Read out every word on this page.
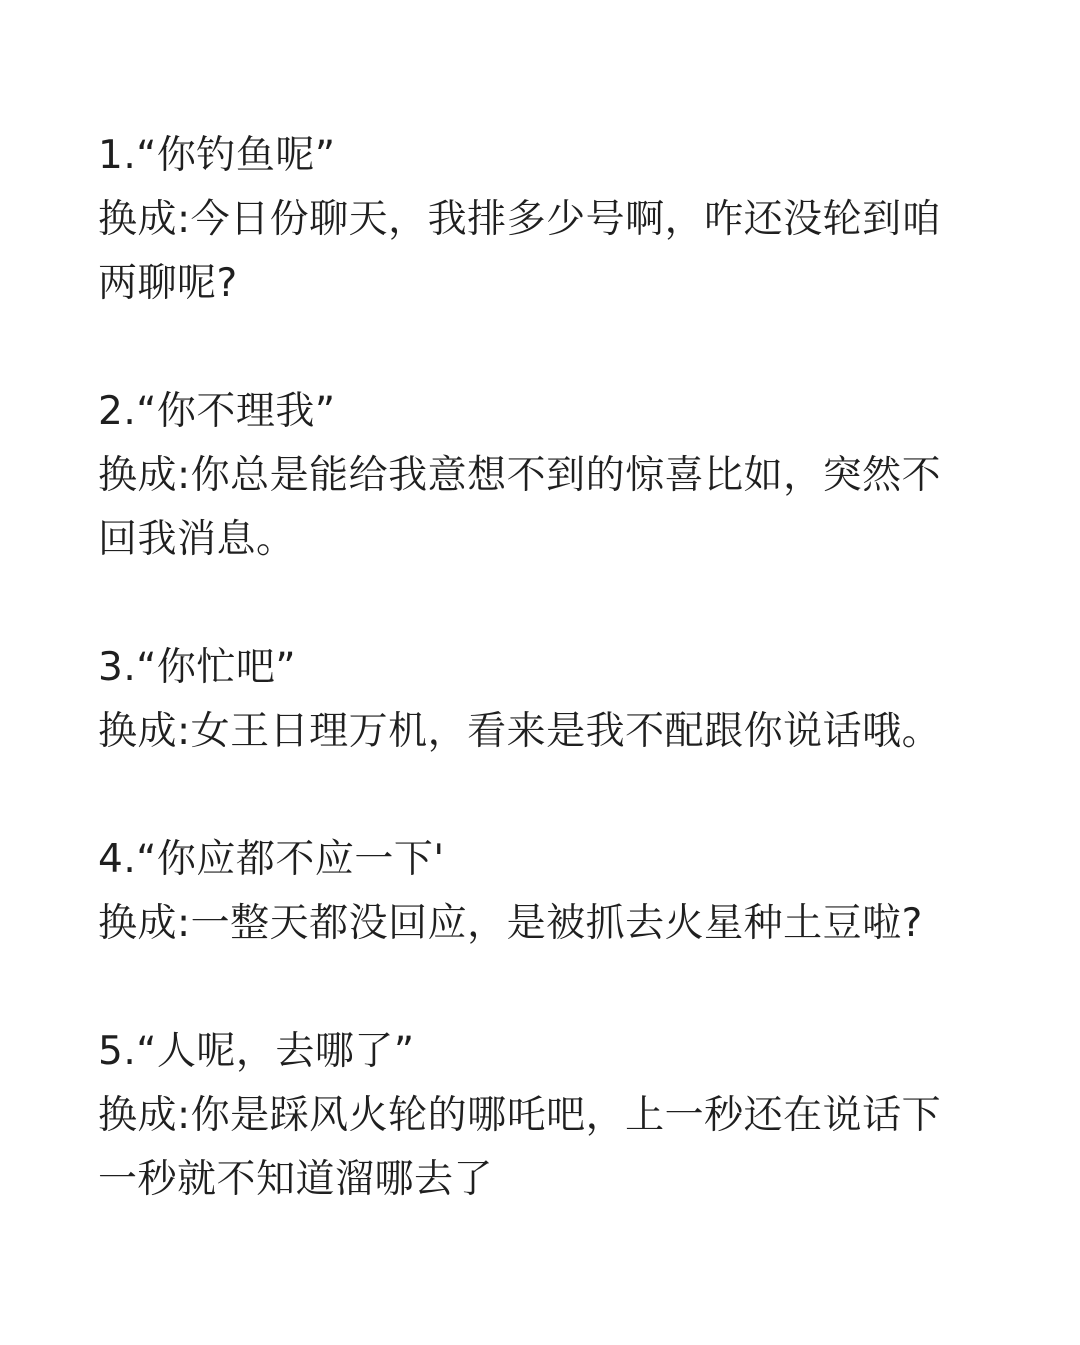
1.“你钓鱼呢”
换成:今日份聊天，我排多少号啊，咋还没轮到咱
两聊呢?
2.“你不理我”
换成:你总是能给我意想不到的惊喜比如，突然不
回我消息。
3.“你忙吧”
换成:女王日理万机，看来是我不配跟你说话哦。
4.“你应都不应一下'
换成:一整天都没回应，是被抓去火星种土豆啦?
5.“人呢，去哪了”
换成:你是踩风火轮的哪吒吧，上一秒还在说话下
一秒就不知道溜哪去了
